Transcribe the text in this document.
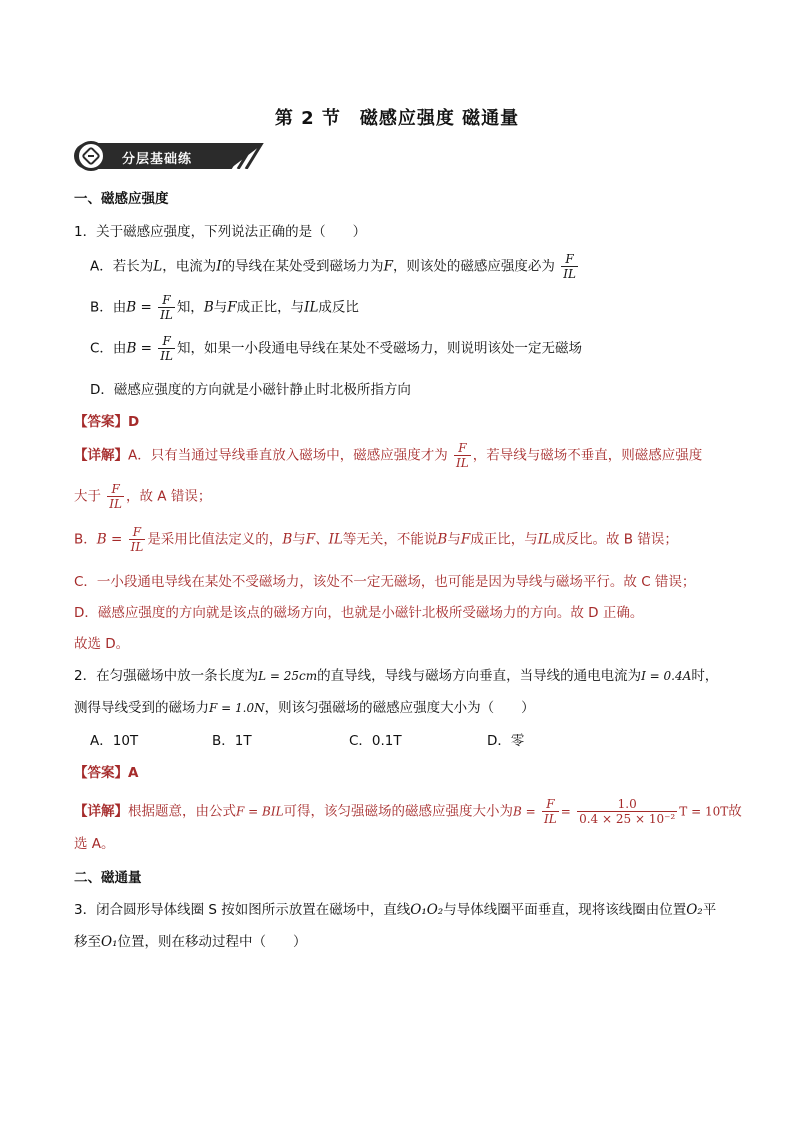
第 2 节　磁感应强度 磁通量
分层基础练
一、磁感应强度
1．关于磁感应强度，下列说法正确的是（　　）
A．若长为L，电流为I的导线在某处受到磁场力为F，则该处的磁感应强度必为 $\frac{F}{IL}$
B．由$B = \frac{F}{IL}$ 知，B与F成正比，与IL成反比
C．由$B = \frac{F}{IL}$ 知，如果一小段通电导线在某处不受磁场力，则说明该处一定无磁场
D．磁感应强度的方向就是小磁针静止时北极所指方向
【答案】D
【详解】A．只有当通过导线垂直放入磁场中，磁感应强度才为 $\frac{F}{IL}$ ，若导线与磁场不垂直，则磁感应强度
大于 $\frac{F}{IL}$ ，故 A 错误；
B．$B = \frac{F}{IL}$ 是采用比值法定义的，B与F、IL等无关，不能说B与F成正比，与IL成反比。故 B 错误；
C．一小段通电导线在某处不受磁场力，该处不一定无磁场，也可能是因为导线与磁场平行。故 C 错误；
D．磁感应强度的方向就是该点的磁场方向，也就是小磁针北极所受磁场力的方向。故 D 正确。
故选 D。
2．在匀强磁场中放一条长度为L = 25cm的直导线，导线与磁场方向垂直，当导线的通电电流为I = 0.4A时，
测得导线受到的磁场力F = 1.0N，则该匀强磁场的磁感应强度大小为（　　）
A．10T	B．1T	C．0.1T	D．零
【答案】A
【详解】根据题意，由公式F = BIL可得，该匀强磁场的磁感应强度大小为$B = \frac{F}{IL} = \frac{1.0}{\text{0.4 × 25 × 10⁻²}}$ T = 10T故
选 A。
二、磁通量
3．闭合圆形导体线圈 S 按如图所示放置在磁场中，直线O₁O₂与导体线圈平面垂直，现将该线圈由位置O₂平
移至O₁位置，则在移动过程中（　　）
